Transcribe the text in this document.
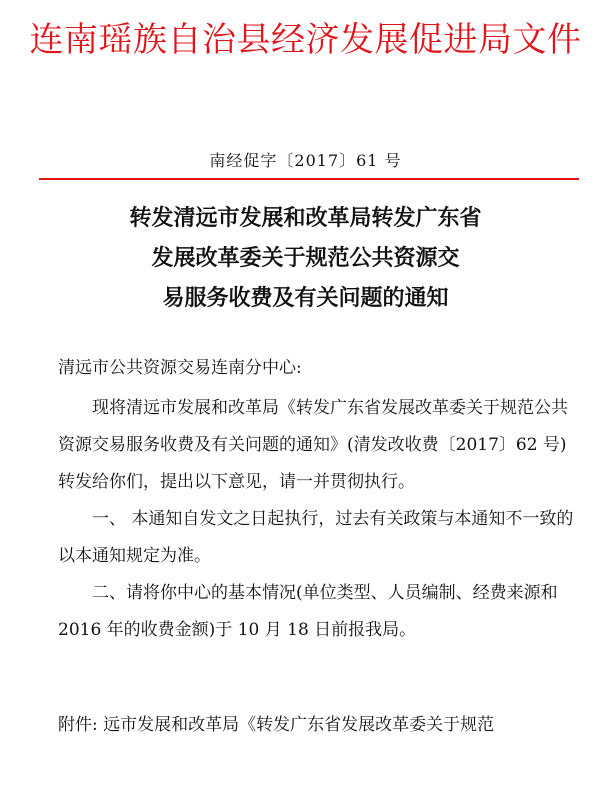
连南瑶族自治县经济发展促进局文件
南经促字〔2017〕61 号
转发清远市发展和改革局转发广东省
发展改革委关于规范公共资源交
易服务收费及有关问题的通知

清远市公共资源交易连南分中心:

现将清远市发展和改革局《转发广东省发展改革委关于规范公共资源交易服务收费及有关问题的通知》(清发改收费〔2017〕62 号)转发给你们，提出以下意见，请一并贯彻执行。

一、 本通知自发文之日起执行，过去有关政策与本通知不一致的以本通知规定为准。

二、请将你中心的基本情况(单位类型、人员编制、经费来源和 2016 年的收费金额)于 10 月 18 日前报我局。

附件: 远市发展和改革局《转发广东省发展改革委关于规范
